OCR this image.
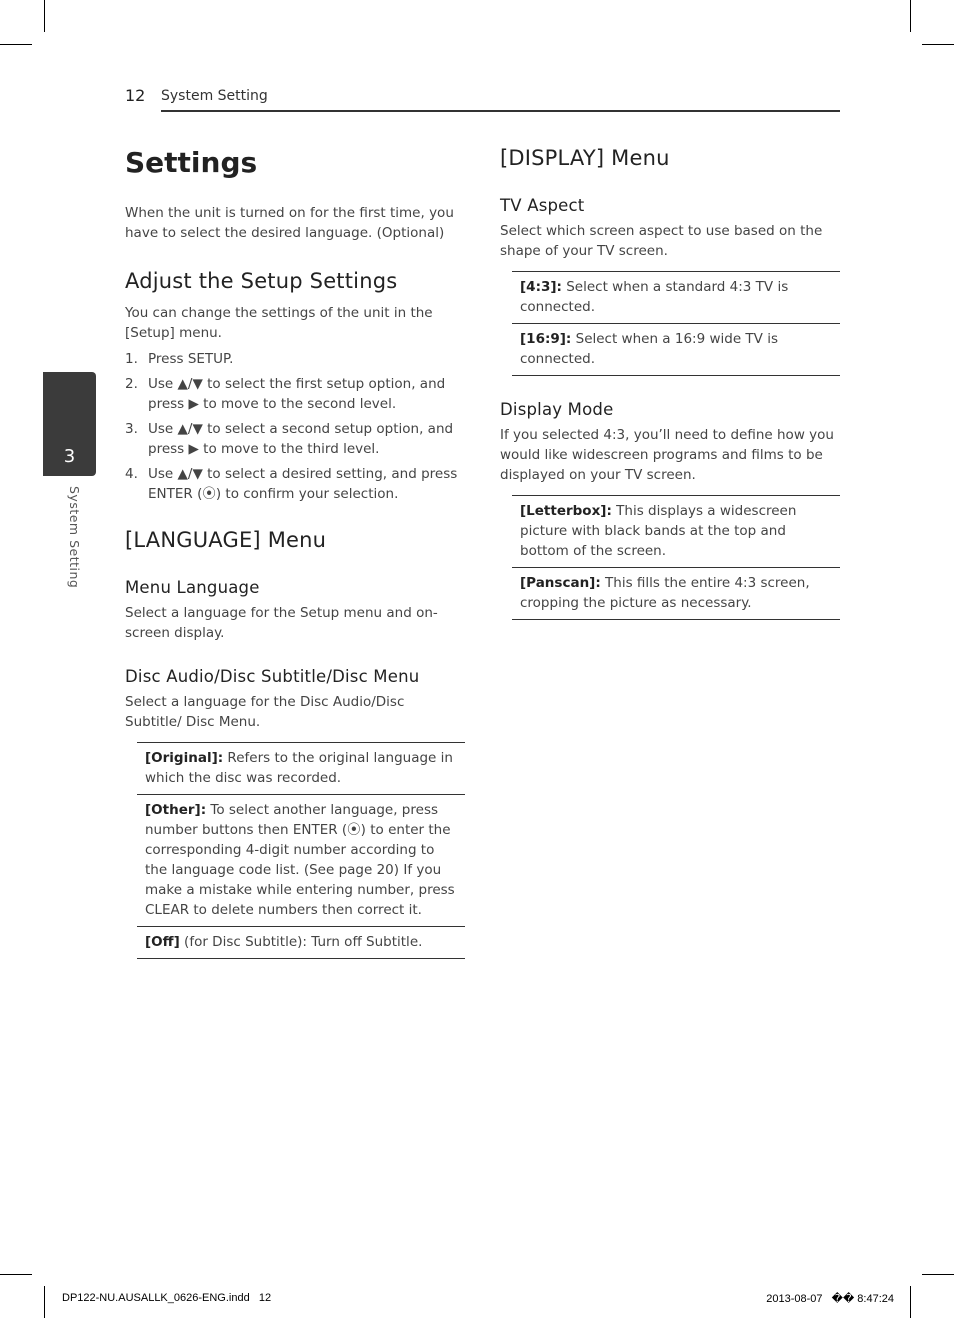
12 System Setting
3
System Setting
Settings

When the unit is turned on for the first time, you have to select the desired language. (Optional)

Adjust the Setup Settings

You can change the settings of the unit in the [Setup] menu.

1. Press SETUP.
2. Use ▲/▼ to select the first setup option, and press ▶ to move to the second level.
3. Use ▲/▼ to select a second setup option, and press ▶ to move to the third level.
4. Use ▲/▼ to select a desired setting, and press ENTER (⦿) to confirm your selection.
[LANGUAGE] Menu
Menu Language

Select a language for the Setup menu and on-screen display.

Disc Audio/Disc Subtitle/Disc Menu

Select a language for the Disc Audio/Disc Subtitle/ Disc Menu.

[Original]: Refers to the original language in which the disc was recorded.
[Other]: To select another language, press number buttons then ENTER (⦿) to enter the corresponding 4-digit number according to the language code list. (See page 20) If you make a mistake while entering number, press CLEAR to delete numbers then correct it.
[Off] (for Disc Subtitle): Turn off Subtitle.
[DISPLAY] Menu
TV Aspect

Select which screen aspect to use based on the shape of your TV screen.

[4:3]: Select when a standard 4:3 TV is connected.
[16:9]: Select when a 16:9 wide TV is connected.
Display Mode

If you selected 4:3, you’ll need to define how you would like widescreen programs and films to be displayed on your TV screen.

[Letterbox]: This displays a widescreen picture with black bands at the top and bottom of the screen.
[Panscan]: This fills the entire 4:3 screen, cropping the picture as necessary.
DP122-NU.AUSALLK_0626-ENG.indd   12	2013-08-07   �� 8:47:24
